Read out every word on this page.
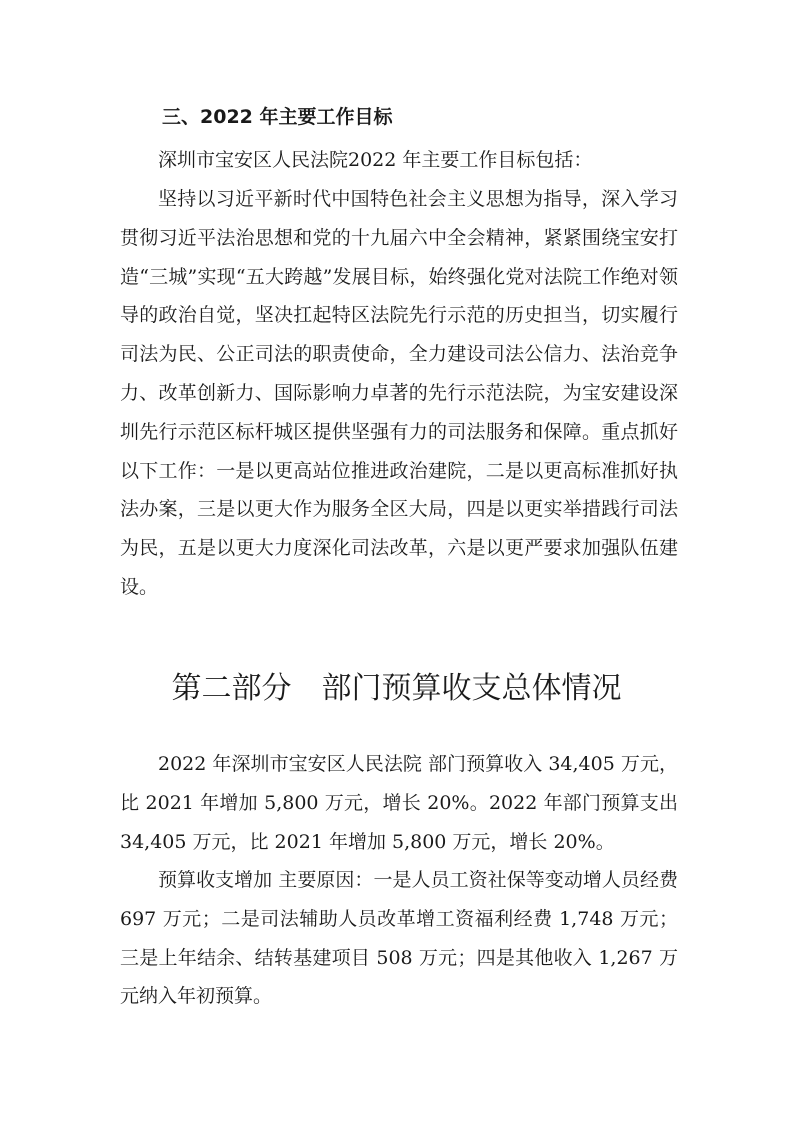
三、2022 年主要工作目标

深圳市宝安区人民法院2022 年主要工作目标包括：

坚持以习近平新时代中国特色社会主义思想为指导，深入学习贯彻习近平法治思想和党的十九届六中全会精神，紧紧围绕宝安打造“三城”实现“五大跨越”发展目标，始终强化党对法院工作绝对领导的政治自觉，坚决扛起特区法院先行示范的历史担当，切实履行司法为民、公正司法的职责使命，全力建设司法公信力、法治竞争力、改革创新力、国际影响力卓著的先行示范法院，为宝安建设深圳先行示范区标杆城区提供坚强有力的司法服务和保障。重点抓好以下工作：一是以更高站位推进政治建院，二是以更高标准抓好执法办案，三是以更大作为服务全区大局，四是以更实举措践行司法为民，五是以更大力度深化司法改革，六是以更严要求加强队伍建设。

第二部分　部门预算收支总体情况

2022 年深圳市宝安区人民法院 部门预算收入 34,405 万元，比 2021 年增加 5,800 万元，增长 20%。2022 年部门预算支出 34,405 万元，比 2021 年增加 5,800 万元，增长 20%。

预算收支增加 主要原因：一是人员工资社保等变动增人员经费 697 万元；二是司法辅助人员改革增工资福利经费 1,748 万元；三是上年结余、结转基建项目 508 万元；四是其他收入 1,267 万元纳入年初预算。
